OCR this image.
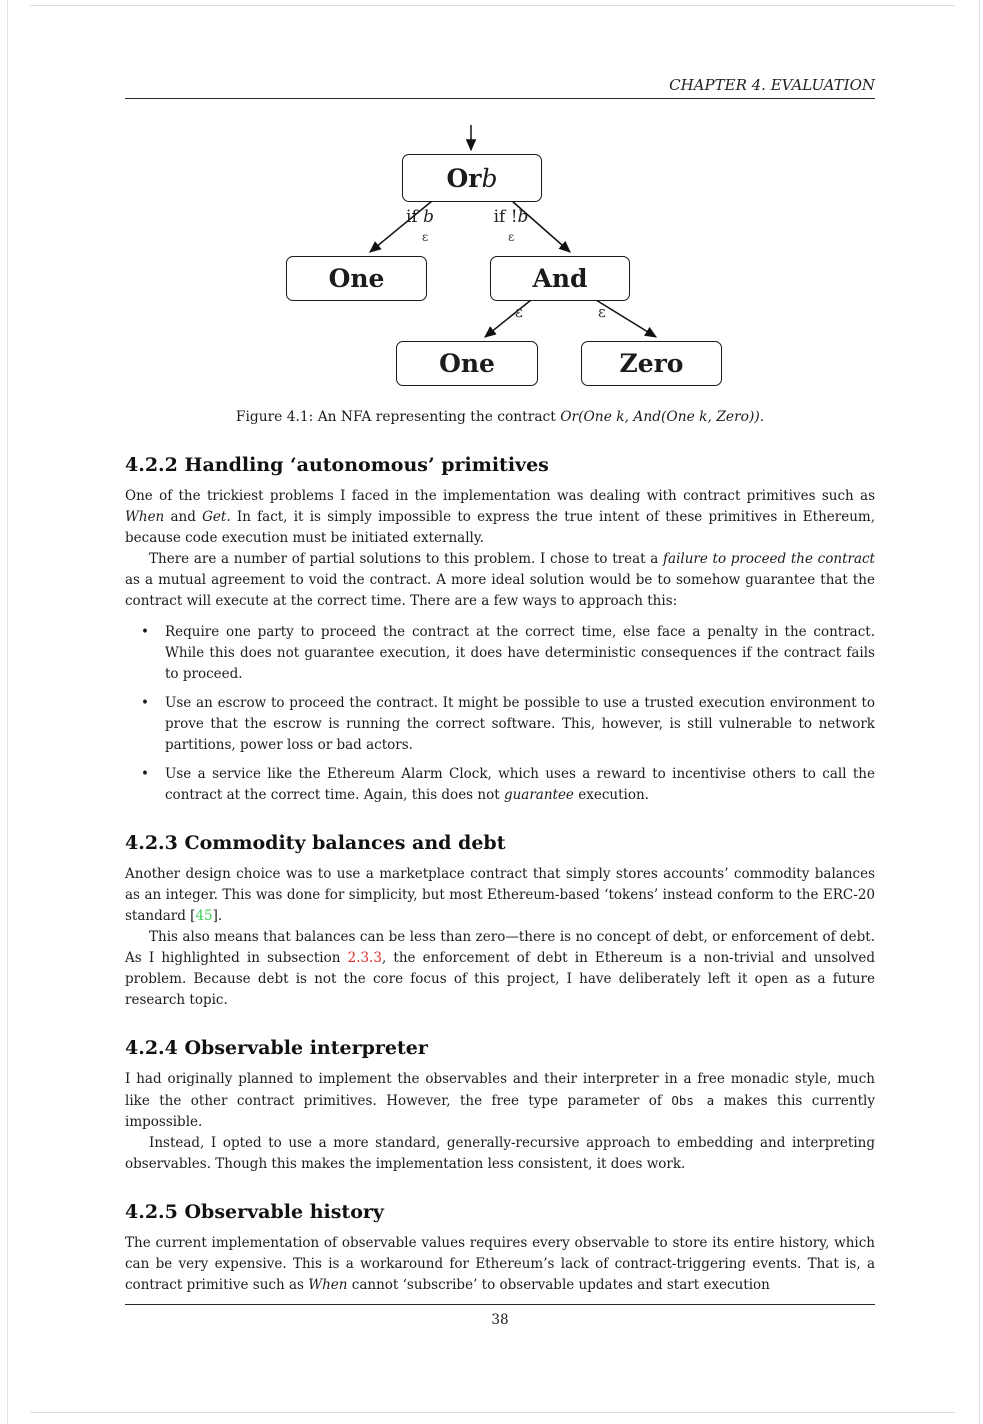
CHAPTER 4. EVALUATION
Or b
One	And
One	Zero
if b	if !b
ε	ε
ε	ε
Figure 4.1: An NFA representing the contract Or(One k, And(One k, Zero)).
4.2.2 Handling ‘autonomous’ primitives

One of the trickiest problems I faced in the implementation was dealing with contract primitives such as When and Get. In fact, it is simply impossible to express the true intent of these primitives in Ethereum, because code execution must be initiated externally.

There are a number of partial solutions to this problem. I chose to treat a failure to proceed the contract as a mutual agreement to void the contract. A more ideal solution would be to somehow guarantee that the contract will execute at the correct time. There are a few ways to approach this:

•	Require one party to proceed the contract at the correct time, else face a penalty in the contract. While this does not guarantee execution, it does have deterministic consequences if the contract fails to proceed.
•	Use an escrow to proceed the contract. It might be possible to use a trusted execution environment to prove that the escrow is running the correct software. This, however, is still vulnerable to network partitions, power loss or bad actors.
•	Use a service like the Ethereum Alarm Clock, which uses a reward to incentivise others to call the contract at the correct time. Again, this does not guarantee execution.
4.2.3 Commodity balances and debt

Another design choice was to use a marketplace contract that simply stores accounts’ commodity balances as an integer. This was done for simplicity, but most Ethereum-based ‘tokens’ instead conform to the ERC-20 standard [45].

This also means that balances can be less than zero—there is no concept of debt, or enforcement of debt. As I highlighted in subsection 2.3.3, the enforcement of debt in Ethereum is a non-trivial and unsolved problem. Because debt is not the core focus of this project, I have deliberately left it open as a future research topic.

4.2.4 Observable interpreter

I had originally planned to implement the observables and their interpreter in a free monadic style, much like the other contract primitives. However, the free type parameter of Obs a makes this currently impossible.

Instead, I opted to use a more standard, generally-recursive approach to embedding and interpreting observables. Though this makes the implementation less consistent, it does work.

4.2.5 Observable history

The current implementation of observable values requires every observable to store its entire history, which can be very expensive. This is a workaround for Ethereum’s lack of contract-triggering events. That is, a contract primitive such as When cannot ‘subscribe’ to observable updates and start execution

38
